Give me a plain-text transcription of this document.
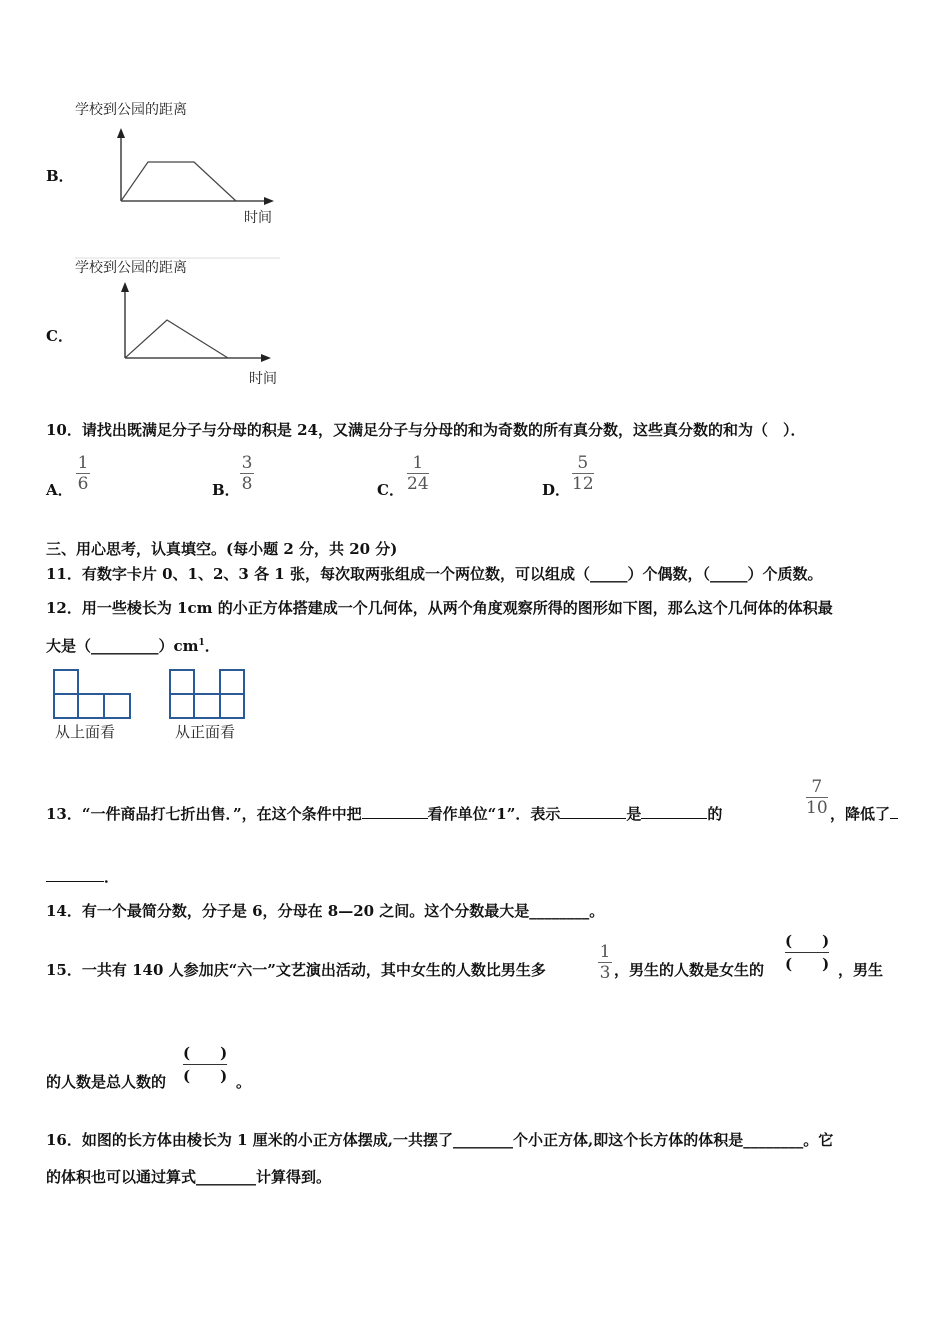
B．
学校到公园的距离
时间
C．
学校到公园的距离
时间
10．请找出既满足分子与分母的积是 24，又满足分子与分母的和为奇数的所有真分数，这些真分数的和为（　）．
A．
1
6	B．
3
8	C．
1
24	D．
5
12
三、用心思考，认真填空。(每小题 2 分，共 20 分)
11．有数字卡片 0、1、2、3 各 1 张，每次取两张组成一个两位数，可以组成（_____）个偶数，（_____）个质数。
12．用一些棱长为 1cm 的小正方体搭建成一个几何体，从两个角度观察所得的图形如下图，那么这个几何体的体积最
大是$(\_\_\_\_\_\_\_\_\_)cm^1$．
从上面看	从正面看
13．“一件商品打七折出售．”，在这个条件中把	看作单位“1”．表示	是	的
7
10 ，降低了
．
14．有一个最简分数，分子是 6，分母在 8—20 之间。这个分数最大是________。
15．一共有 140 人参加庆“六一”文艺演出活动，其中女生的人数比男生多
1
3 ，男生的人数是女生的
(　　)
(　　) ，男生
的人数是总人数的
(　　)
(　　) 。
16．如图的长方体由棱长为 1 厘米的小正方体摆成,一共摆了________个小正方体,即这个长方体的体积是________。它
的体积也可以通过算式________计算得到。
